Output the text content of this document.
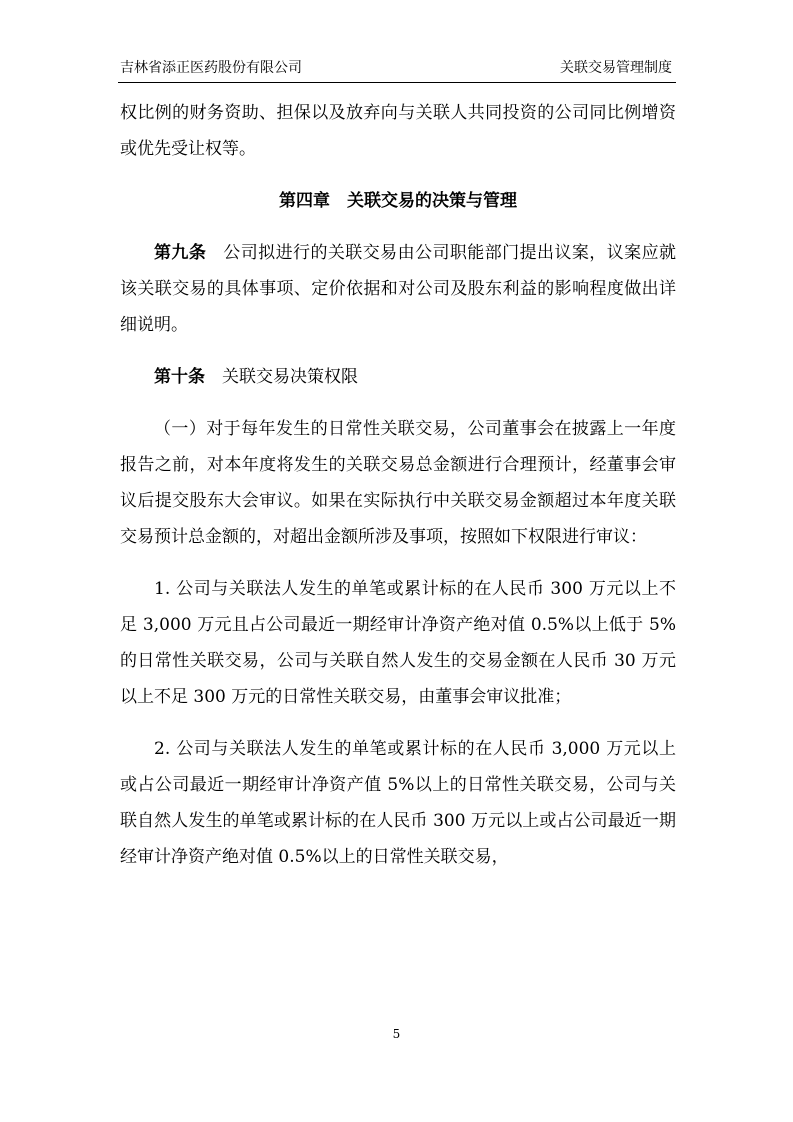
吉林省添正医药股份有限公司	关联交易管理制度

权比例的财务资助、担保以及放弃向与关联人共同投资的公司同比例增资或优先受让权等。

第四章　关联交易的决策与管理

第九条 公司拟进行的关联交易由公司职能部门提出议案，议案应就该关联交易的具体事项、定价依据和对公司及股东利益的影响程度做出详细说明。

第十条 关联交易决策权限

（一）对于每年发生的日常性关联交易，公司董事会在披露上一年度报告之前，对本年度将发生的关联交易总金额进行合理预计，经董事会审议后提交股东大会审议。如果在实际执行中关联交易金额超过本年度关联交易预计总金额的，对超出金额所涉及事项，按照如下权限进行审议：

1. 公司与关联法人发生的单笔或累计标的在人民币 300 万元以上不足 3,000 万元且占公司最近一期经审计净资产绝对值 0.5%以上低于 5%的日常性关联交易，公司与关联自然人发生的交易金额在人民币 30 万元以上不足 300 万元的日常性关联交易，由董事会审议批准；

2. 公司与关联法人发生的单笔或累计标的在人民币 3,000 万元以上或占公司最近一期经审计净资产值 5%以上的日常性关联交易，公司与关联自然人发生的单笔或累计标的在人民币 300 万元以上或占公司最近一期经审计净资产绝对值 0.5%以上的日常性关联交易，

5
